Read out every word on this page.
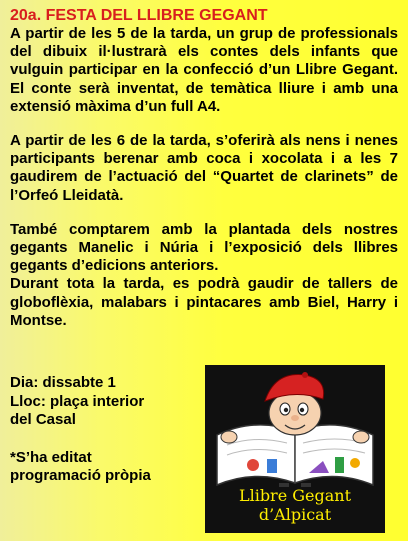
20a. FESTA DEL LLIBRE GEGANT

A partir de les 5 de la tarda, un grup de professionals del dibuix il·lustrarà els contes dels infants que vulguin participar en la confecció d’un Llibre Gegant. El conte serà inventat, de temàtica lliure i amb una extensió màxima d’un full A4.

A partir de les 6 de la tarda, s’oferirà als nens i nenes participants berenar amb coca i xocolata i a les 7 gaudirem de l’actuació del “Quartet de clarinets” de l’Orfeó Lleidatà.

També comptarem amb la plantada dels nostres gegants Manelic i Núria i l’exposició dels llibres gegants d’edicions anteriors.

Durant tota la tarda, es podrà gaudir de tallers de globoflèxia, malabars i pintacares amb Biel, Harry i Montse.

Dia: dissabte 1

Lloc: plaça interior

del Casal

*S’ha editat

programació pròpia

Llibre Gegant
d’Alpicat
